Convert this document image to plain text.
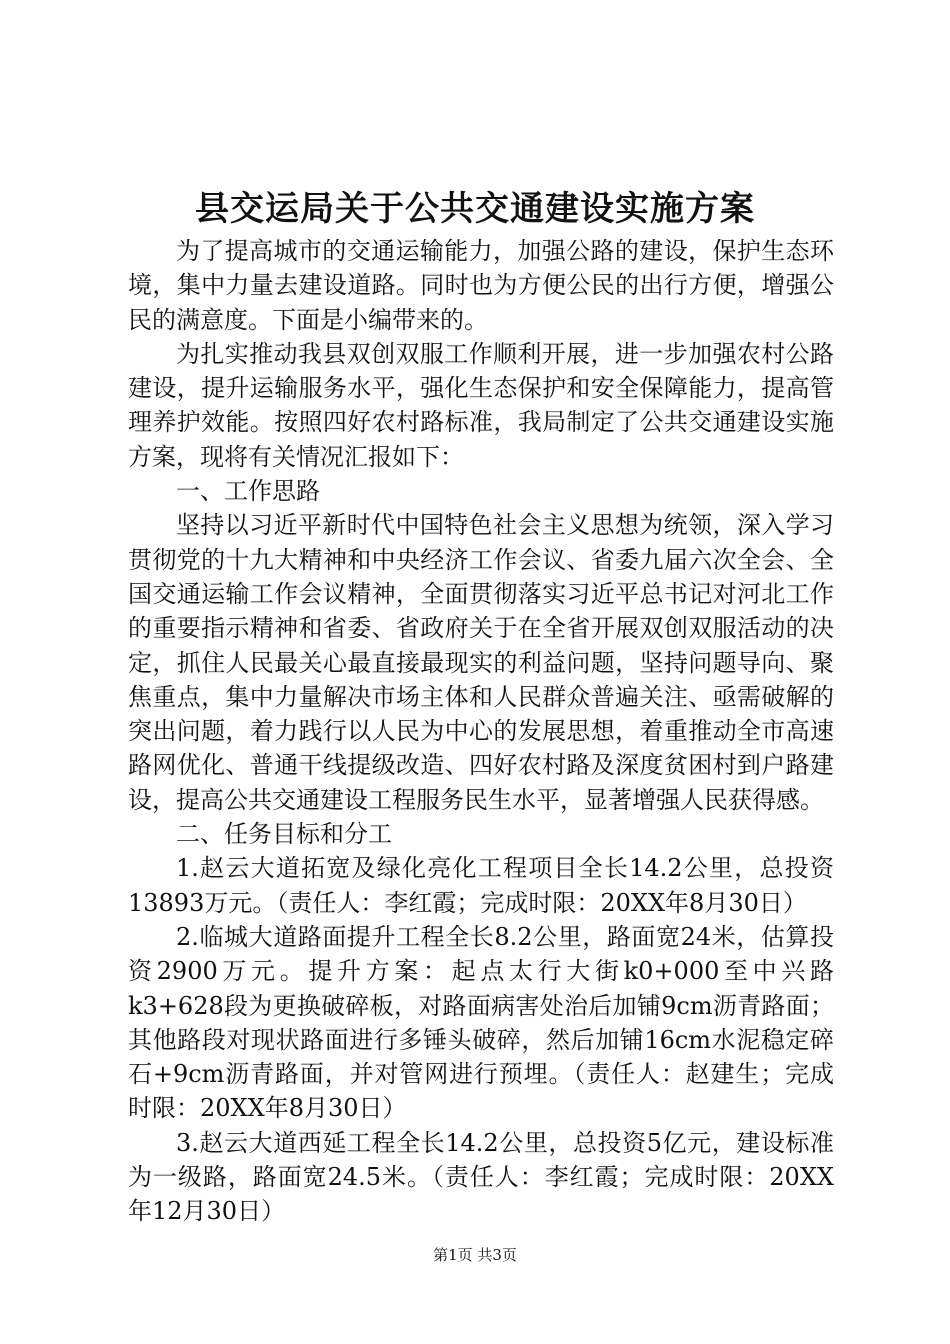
县交运局关于公共交通建设实施方案

为了提高城市的交通运输能力，加强公路的建设，保护生态环境，集中力量去建设道路。同时也为方便公民的出行方便，增强公民的满意度。下面是小编带来的。

为扎实推动我县双创双服工作顺利开展，进一步加强农村公路建设，提升运输服务水平，强化生态保护和安全保障能力，提高管理养护效能。按照四好农村路标准，我局制定了公共交通建设实施方案，现将有关情况汇报如下：

一、工作思路

坚持以习近平新时代中国特色社会主义思想为统领，深入学习贯彻党的十九大精神和中央经济工作会议、省委九届六次全会、全国交通运输工作会议精神，全面贯彻落实习近平总书记对河北工作的重要指示精神和省委、省政府关于在全省开展双创双服活动的决定，抓住人民最关心最直接最现实的利益问题，坚持问题导向、聚焦重点，集中力量解决市场主体和人民群众普遍关注、亟需破解的突出问题，着力践行以人民为中心的发展思想，着重推动全市高速路网优化、普通干线提级改造、四好农村路及深度贫困村到户路建设，提高公共交通建设工程服务民生水平，显著增强人民获得感。

二、任务目标和分工

1.赵云大道拓宽及绿化亮化工程项目全长14.2公里，总投资13893万元。（责任人：李红霞；完成时限：20XX年8月30日）

2.临城大道路面提升工程全长8.2公里，路面宽24米，估算投资2900万元。提升方案：起点太行大街k0+000至中兴路k3+628段为更换破碎板，对路面病害处治后加铺9cm沥青路面；其他路段对现状路面进行多锤头破碎，然后加铺16cm水泥稳定碎石+9cm沥青路面，并对管网进行预埋。（责任人：赵建生；完成时限：20XX年8月30日）

3.赵云大道西延工程全长14.2公里，总投资5亿元，建设标准为一级路，路面宽24.5米。（责任人：李红霞；完成时限：20XX年12月30日）

第1页 共3页
